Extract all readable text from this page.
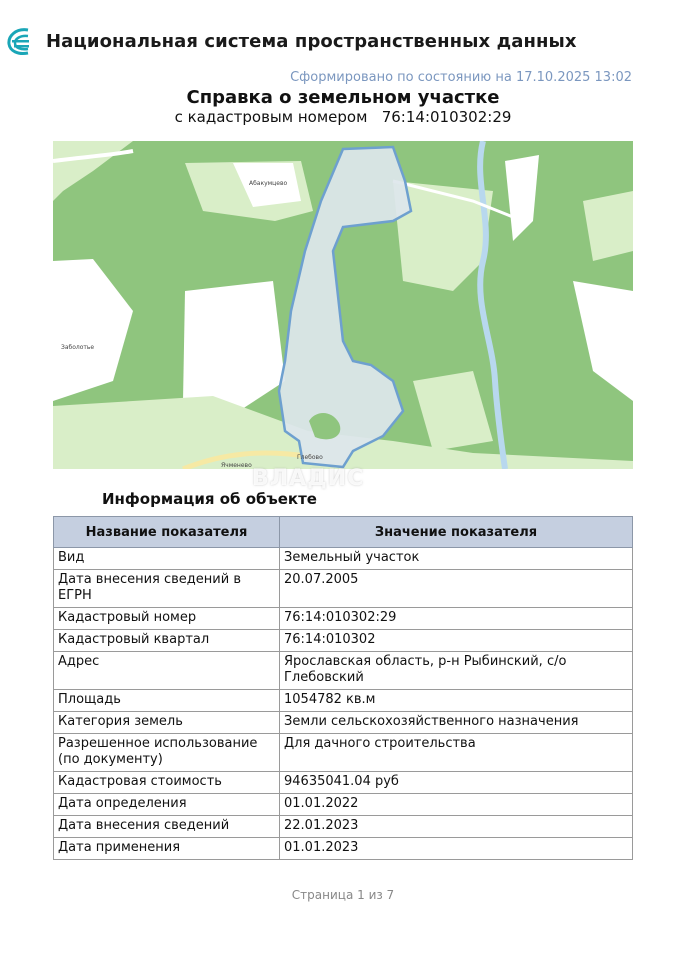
Национальная система пространственных данных
Сформировано по состоянию на 17.10.2025 13:02
Справка о земельном участке
с кадастровым номером 76:14:010302:29
Абакумцево
Заболотье
Глебово
Ячменево
ВЛАДИС
Информация об объекте
Название показателя	Значение показателя
Вид	Земельный участок
Дата внесения сведений в ЕГРН	20.07.2005
Кадастровый номер	76:14:010302:29
Кадастровый квартал	76:14:010302
Адрес	Ярославская область, р-н Рыбинский, с/о Глебовский
Площадь	1054782 кв.м
Категория земель	Земли сельскохозяйственного назначения
Разрешенное использование (по документу)	Для дачного строительства
Кадастровая стоимость	94635041.04 руб
Дата определения	01.01.2022
Дата внесения сведений	22.01.2023
Дата применения	01.01.2023
Страница 1 из 7
